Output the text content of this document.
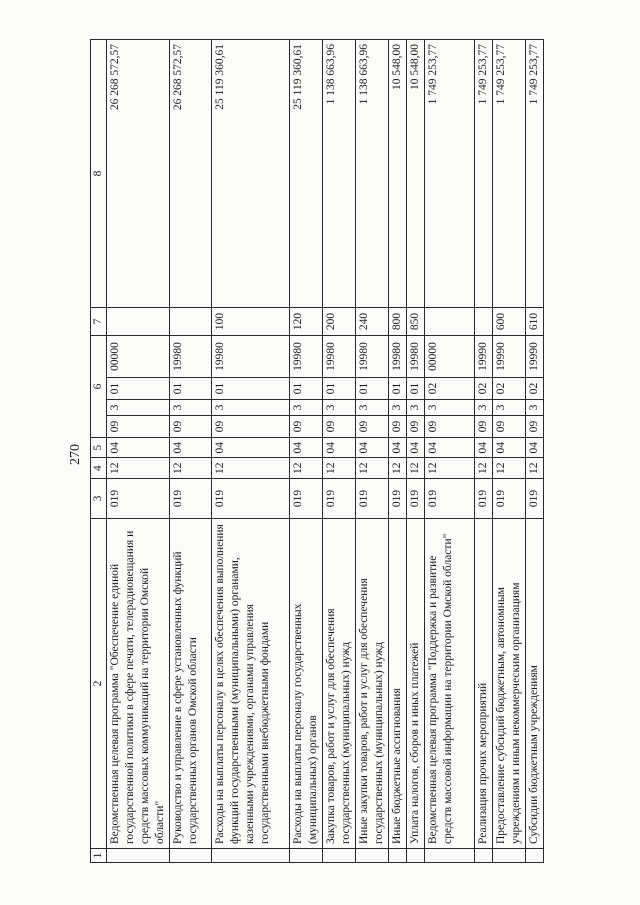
270
1	2	3	4	5	6				7	8
	Ведомственная целевая программа "Обеспечение единой государственной политики в сфере печати, телерадиовещания и средств массовых коммуникаций на территории Омской области"	019	12	04	09	3	01	00000		26 268 572,57
	Руководство и управление в сфере установленных функций государственных органов Омской области	019	12	04	09	3	01	19980		26 268 572,57
	Расходы на выплаты персоналу в целях обеспечения выполнения функций государственными (муниципальными) органами, казенными учреждениями, органами управления государственными внебюджетными фондами	019	12	04	09	3	01	19980	100	25 119 360,61
	Расходы на выплаты персоналу государственных (муниципальных) органов	019	12	04	09	3	01	19980	120	25 119 360,61
	Закупка товаров, работ и услуг для обеспечения государственных (муниципальных) нужд	019	12	04	09	3	01	19980	200	1 138 663,96
	Иные закупки товаров, работ и услуг для обеспечения государственных (муниципальных) нужд	019	12	04	09	3	01	19980	240	1 138 663,96
	Иные бюджетные ассигнования	019	12	04	09	3	01	19980	800	10 548,00
	Уплата налогов, сборов и иных платежей	019	12	04	09	3	01	19980	850	10 548,00
	Ведомственная целевая программа "Поддержка и развитие средств массовой информации на территории Омской области"	019	12	04	09	3	02	00000		1 749 253,77
	Реализация прочих мероприятий	019	12	04	09	3	02	19990		1 749 253,77
	Предоставление субсидий бюджетным, автономным учреждениям и иным некоммерческим организациям	019	12	04	09	3	02	19990	600	1 749 253,77
	Субсидии бюджетным учреждениям	019	12	04	09	3	02	19990	610	1 749 253,77
